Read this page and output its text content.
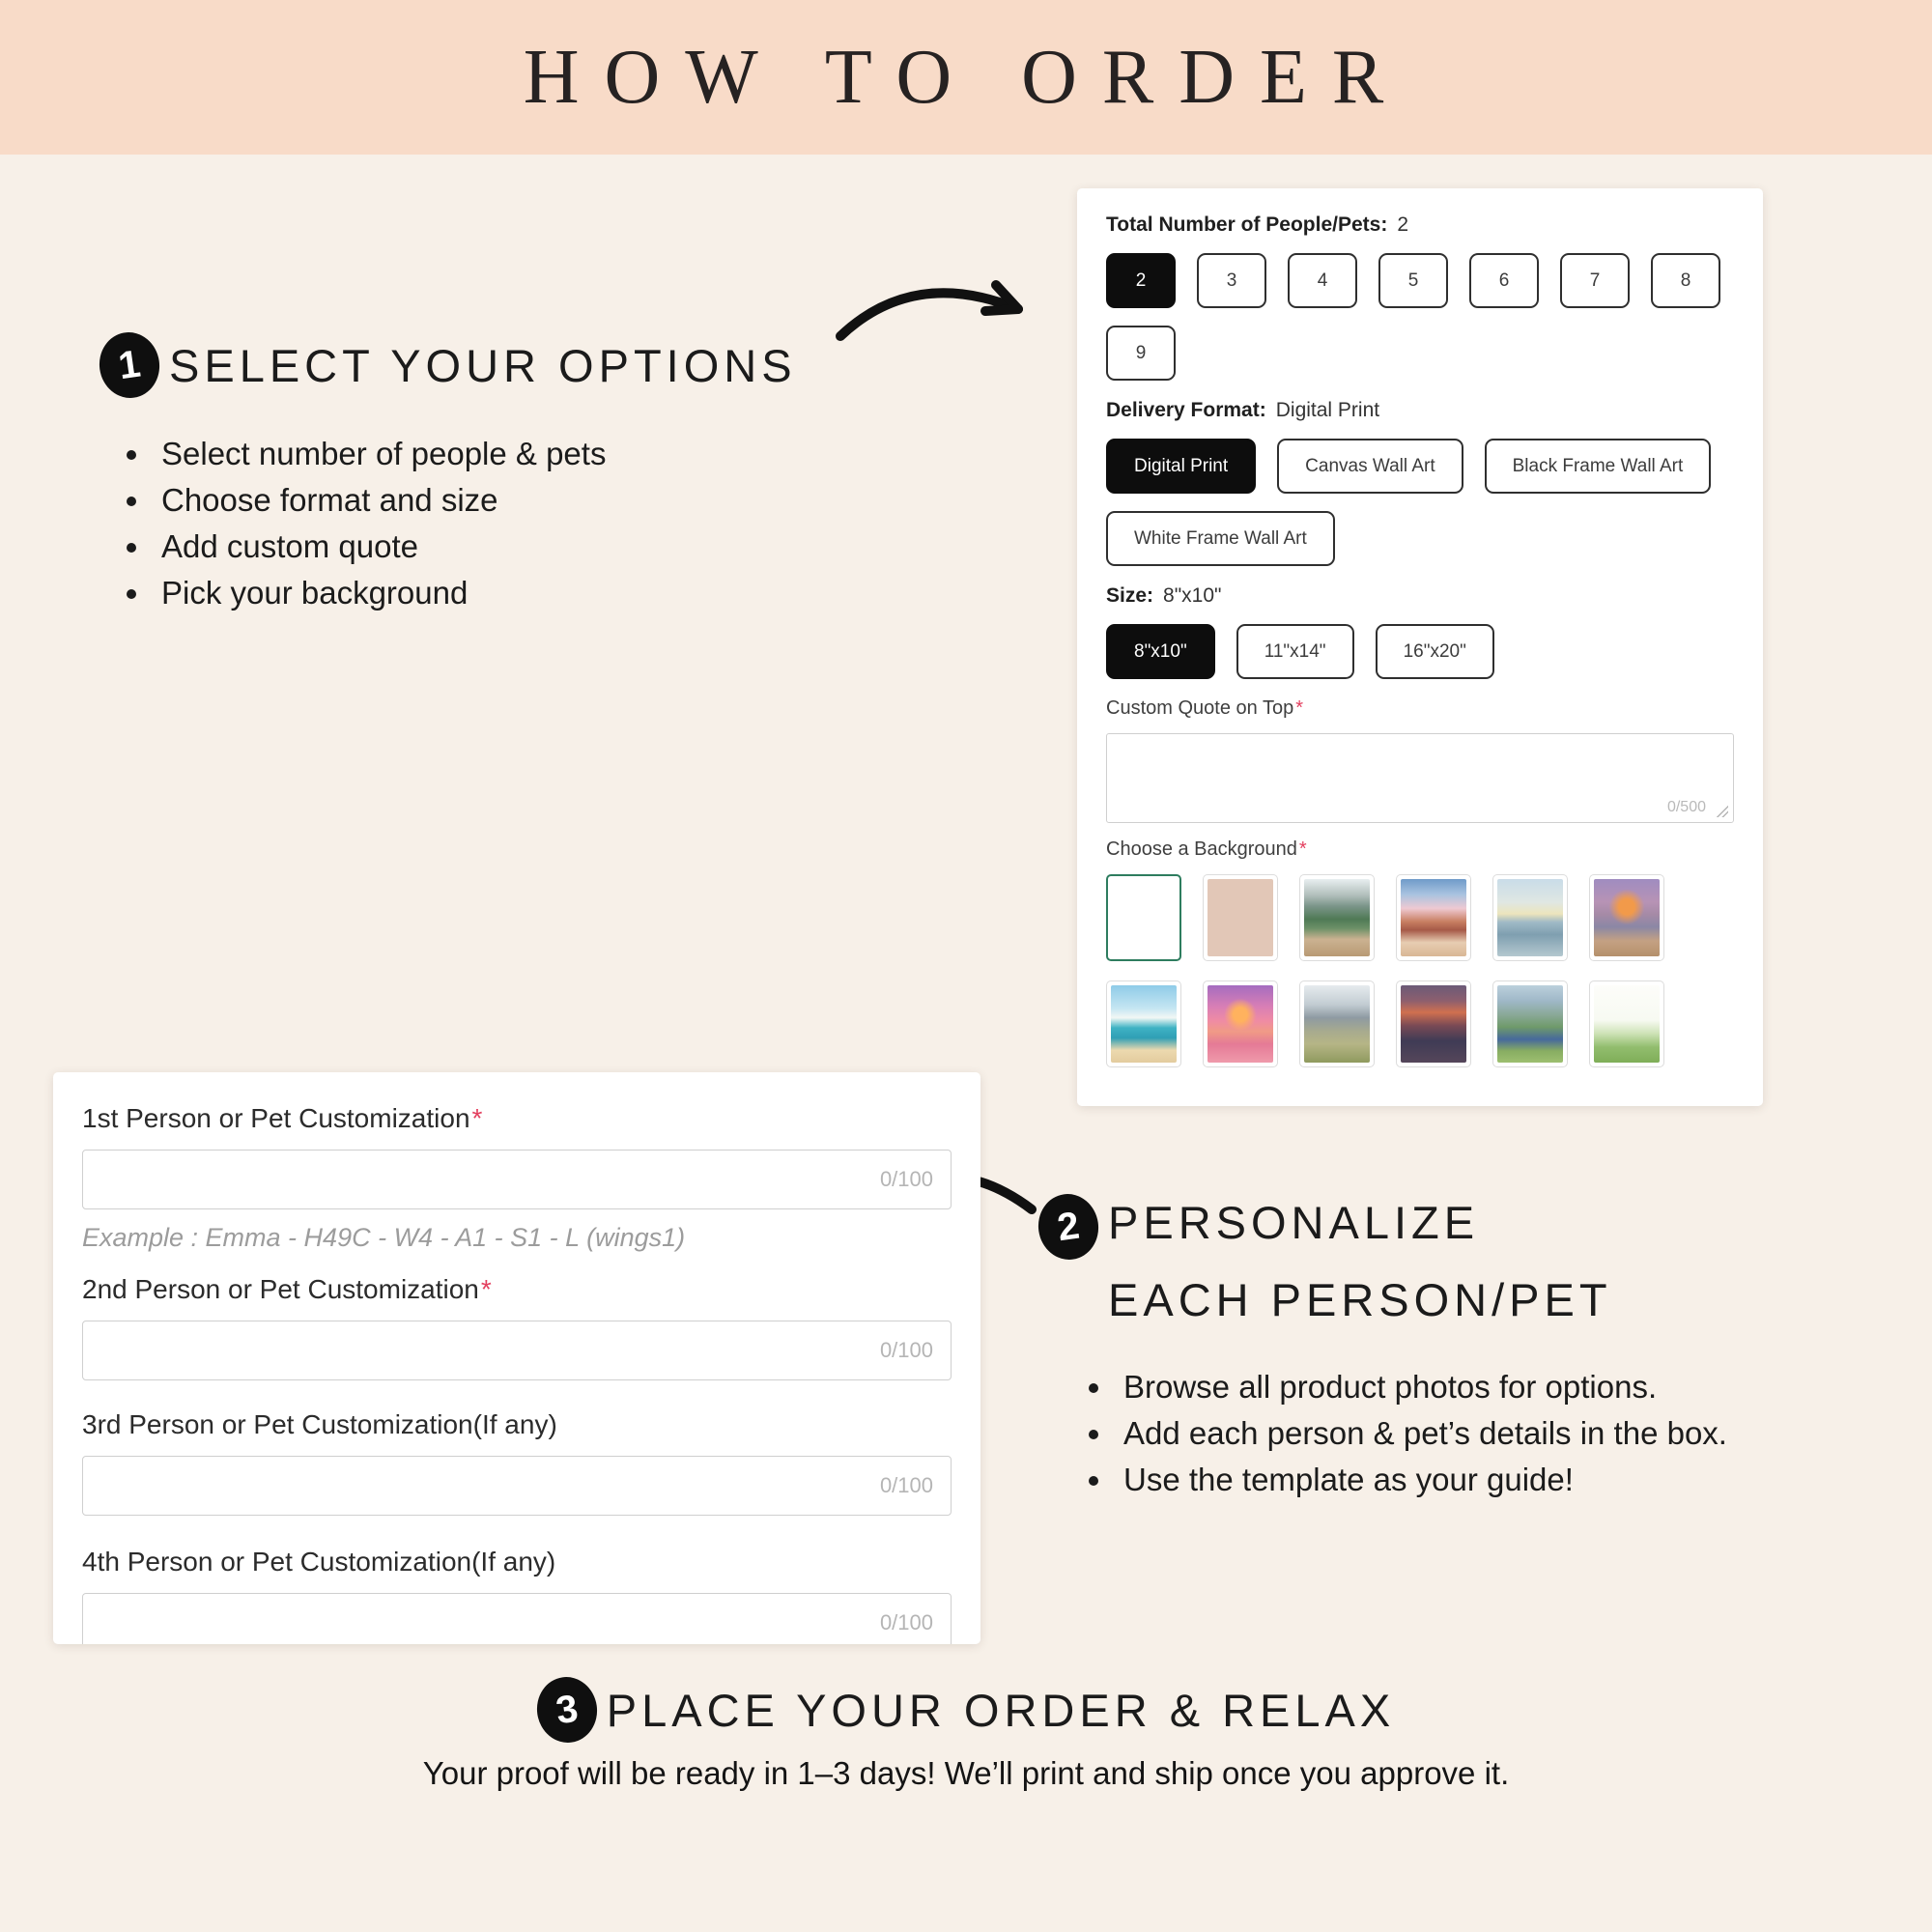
HOW TO ORDER
1 SELECT YOUR OPTIONS
Select number of people & pets
Choose format and size
Add custom quote
Pick your background
Total Number of People/Pets: 2
2	3	4	5	6	7	8
9
Delivery Format: Digital Print
Digital Print	Canvas Wall Art	Black Frame Wall Art
White Frame Wall Art
Size: 8"x10"
8"x10"	11"x14"	16"x20"
Custom Quote on Top *
0/500
Choose a Background *
1st Person or Pet Customization*
0/100
Example : Emma - H49C - W4 - A1 - S1 - L (wings1)
2nd Person or Pet Customization*
0/100
3rd Person or Pet Customization(If any)
0/100
4th Person or Pet Customization(If any)
0/100
2 PERSONALIZE
EACH PERSON/PET
Browse all product photos for options.
Add each person & pet’s details in the box.
Use the template as your guide!
3 PLACE YOUR ORDER & RELAX

Your proof will be ready in 1–3 days! We’ll print and ship once you approve it.
